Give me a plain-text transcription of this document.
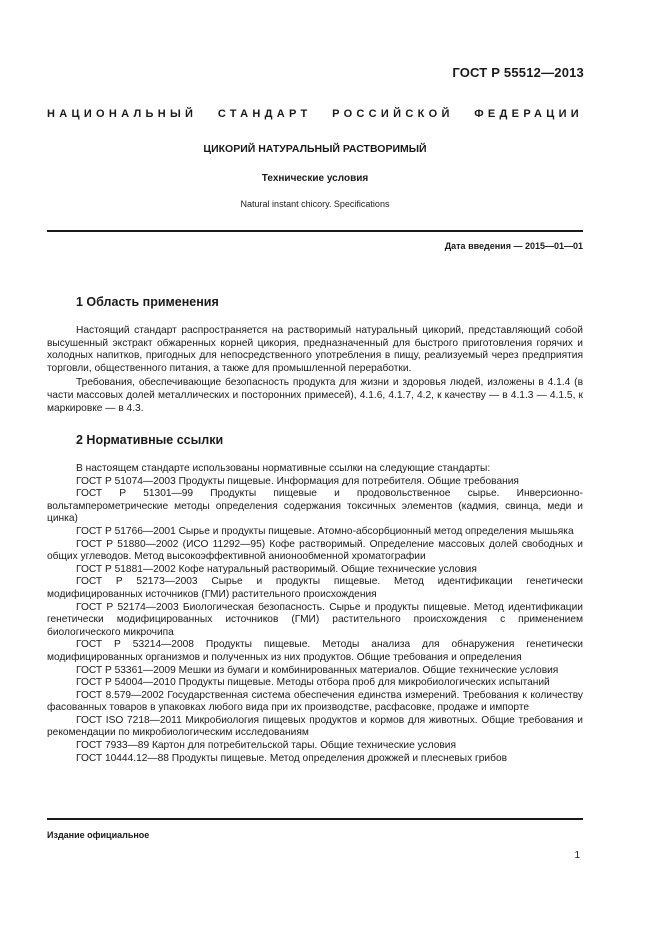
ГОСТ Р 55512—2013
НАЦИОНАЛЬНЫЙ СТАНДАРТ РОССИЙСКОЙ ФЕДЕРАЦИИ
ЦИКОРИЙ НАТУРАЛЬНЫЙ РАСТВОРИМЫЙ
Технические условия
Natural instant chicory. Specifications
Дата введения — 2015—01—01
1 Область применения

Настоящий стандарт распространяется на растворимый натуральный цикорий, представляющий собой высушенный экстракт обжаренных корней цикория, предназначенный для быстрого приготовления горячих и холодных напитков, пригодных для непосредственного употребления в пищу, реализуемый через предприятия торговли, общественного питания, а также для промышленной переработки.

Требования, обеспечивающие безопасность продукта для жизни и здоровья людей, изложены в 4.1.4 (в части массовых долей металлических и посторонних примесей), 4.1.6, 4.1.7, 4.2, к качеству — в 4.1.3 — 4.1.5, к маркировке — в 4.3.

2 Нормативные ссылки

В настоящем стандарте использованы нормативные ссылки на следующие стандарты:

ГОСТ Р 51074—2003 Продукты пищевые. Информация для потребителя. Общие требования

ГОСТ Р 51301—99 Продукты пищевые и продовольственное сырье. Инверсионно-вольтамперометрические методы определения содержания токсичных элементов (кадмия, свинца, меди и цинка)

ГОСТ Р 51766—2001 Сырье и продукты пищевые. Атомно-абсорбционный метод определения мышьяка

ГОСТ Р 51880—2002 (ИСО 11292—95) Кофе растворимый. Определение массовых долей свободных и общих углеводов. Метод высокоэффективной анионообменной хроматографии

ГОСТ Р 51881—2002 Кофе натуральный растворимый. Общие технические условия

ГОСТ Р 52173—2003 Сырье и продукты пищевые. Метод идентификации генетически модифицированных источников (ГМИ) растительного происхождения

ГОСТ Р 52174—2003 Биологическая безопасность. Сырье и продукты пищевые. Метод идентификации генетически модифицированных источников (ГМИ) растительного происхождения с применением биологического микрочипа

ГОСТ Р 53214—2008 Продукты пищевые. Методы анализа для обнаружения генетически модифицированных организмов и полученных из них продуктов. Общие требования и определения

ГОСТ Р 53361—2009 Мешки из бумаги и комбинированных материалов. Общие технические условия

ГОСТ Р 54004—2010 Продукты пищевые. Методы отбора проб для микробиологических испытаний

ГОСТ 8.579—2002 Государственная система обеспечения единства измерений. Требования к количеству фасованных товаров в упаковках любого вида при их производстве, расфасовке, продаже и импорте

ГОСТ ISO 7218—2011 Микробиология пищевых продуктов и кормов для животных. Общие требования и рекомендации по микробиологическим исследованиям

ГОСТ 7933—89 Картон для потребительской тары. Общие технические условия

ГОСТ 10444.12—88 Продукты пищевые. Метод определения дрожжей и плесневых грибов

Издание официальное
1
